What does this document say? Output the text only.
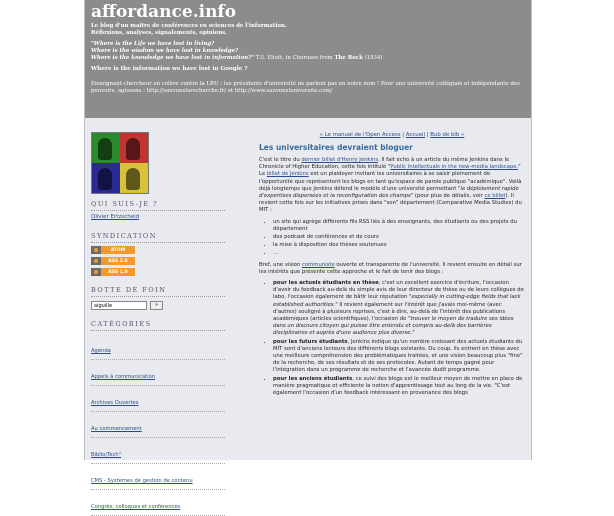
affordance.info

Le blog d'un maître de conférences en sciences de l'information.

Réflexions, analyses, signalements, opinions.

"Where is the Life we have lost in living?

Where is the wisdom we have lost in knowledge?

Where is the knowledge we have lost in information?" T.S. Eliott, in Choruses from The Rock (1934)

Where is the information we have lost in Google ?

Enseignant-chercheur en colère contre la LRU : les présidents d'université ne parlent pas en notre nom ! Pour une université collégiale et indépendante des

pouvoirs, agissons : http://sauvonslarecherche.fr/ et http://www.sauvonsluniversite.com/

QUI SUIS-JE ?
Olivier Ertzscheid
SYNDICATION
ATOM
RSS 2.0
RSS 1.0
BOTTE DE FOIN
aiguille
»
CATÉGORIES
Agenda
Appels à communication
Archives Ouvertes
Au commencement
Biblio/Tech"
CMS - Systèmes de gestion de contenu
Congrès, colloques et conférences
« Le manuel de l'Open Access | Accueil | Bub de bib »
Les universitaires devraient bloguer

C'est le titre du dernier billet d'Henry Jenkins. Il fait écho à un article du même Jenkins dans le Chronicle of Higher Education, cette fois intitulé "Public Intellectuals in the new-media landscape." Le billet de Jenkins est un plaidoyer invitant les universitaires à se saisir pleinement de l'opportunité que représentent les blogs en tant qu'espace de parole publique "académique". Voilà déjà longtemps que Jenkins défend le modèle d'une université permettant "le déploiement rapide d'expertises dispersées et la reconfiguration des champs" (pour plus de détails, voir ce billet). Il revient cette fois sur les initiatives prises dans "son" département (Comparative Media Studies) du MIT :

• un site qui agrège différents fils RSS liés à des enseignants, des étudiants ou des projets du département
• des podcast de conférences et de cours
• la mise à disposition des thèses soutenues
• ...

Bref, une vision communiste ouverte et transparente de l'université. Il revient ensuite en détail sur les intérêts que présente cette approche et le fait de tenir des blogs :

• pour les actuels étudiants en thèse, c'est un excellent exercice d'écriture, l'occasion d'avoir du feedback au-delà du simple avis de leur directeur de thèse ou de leurs collègues de labo, l'occasion également de bâtir leur réputation "especially in cutting-edge fields that lack established authorities." Il revient également sur l'intérêt que j'avais moi-même (avec d'autres) souligné à plusieurs reprises, c'est à dire, au-delà de l'intérêt des publications académiques (articles scientifiques), l'occasion de "trouver le moyen de traduire ses idées dans un discours citoyen qui puisse être entendu et compris au-delà des barrières disciplinaires et auprès d'une audience plus diverse."
• pour les futurs étudiants, Jenkins indique qu'un nombre croissant des actuels étudiants du MIT sont d'anciens lecteurs des différents blogs existants. Du coup, ils entrent en thèse avec une meilleure compréhension des problématiques traitées, et une vision beaucoup plus "fine" de la recherche, de ses résultats et de ses protocoles. Autant de temps gagné pour l'intégration dans un programme de recherche et l'avancée dudit programme.
• pour les anciens étudiants, ce suivi des blogs est le meilleur moyen de mettre en place de manière pragmatique et efficiente la notion d'apprentissage tout au long de la vie. "C'est également l'occasion d'un feedback intéressant en provenance des blogs
